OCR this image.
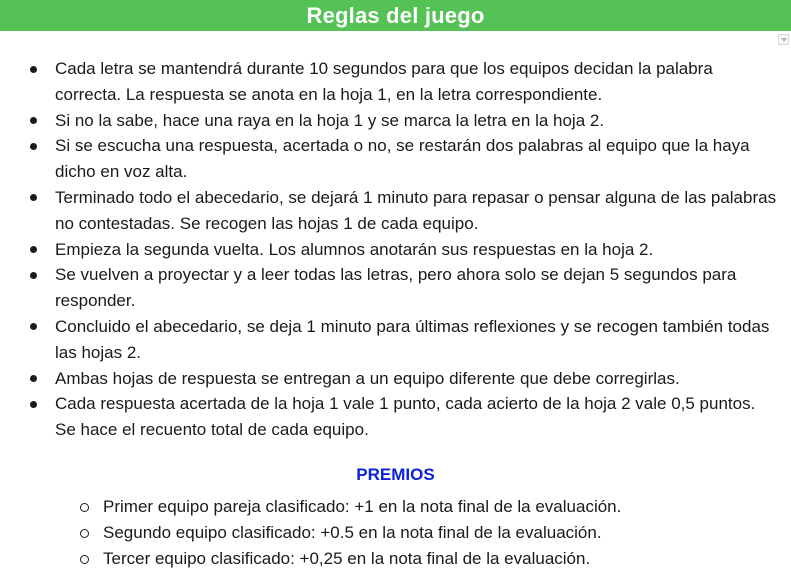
Reglas del juego
Cada letra se mantendrá durante 10 segundos para que los equipos decidan la palabra correcta. La respuesta se anota en la hoja 1, en la letra correspondiente.
Si no la sabe, hace una raya en la hoja 1 y se marca la letra en la hoja 2.
Si se escucha una respuesta, acertada o no, se restarán dos palabras al equipo que la haya dicho en voz alta.
Terminado todo el abecedario, se dejará 1 minuto para repasar o pensar alguna de las palabras no contestadas. Se recogen las hojas 1 de cada equipo.
Empieza la segunda vuelta. Los alumnos anotarán sus respuestas en la hoja 2.
Se vuelven a proyectar y a leer todas las letras, pero ahora solo se dejan 5 segundos para responder.
Concluido el abecedario, se deja 1 minuto para últimas reflexiones y se recogen también todas las hojas 2.
Ambas hojas de respuesta se entregan a un equipo diferente que debe corregirlas.
Cada respuesta acertada de la hoja 1 vale 1 punto, cada acierto de la hoja 2 vale 0,5 puntos. Se hace el recuento total de cada equipo.
PREMIOS
Primer equipo pareja clasificado: +1 en la nota final de la evaluación.
Segundo equipo clasificado: +0.5 en la nota final de la evaluación.
Tercer equipo clasificado: +0,25 en la nota final de la evaluación.
